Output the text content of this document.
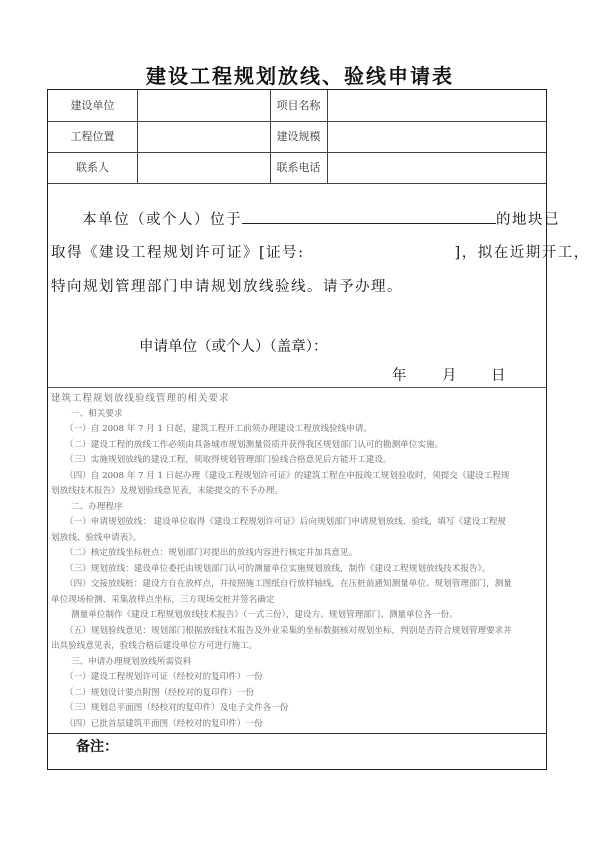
建设工程规划放线、验线申请表
建设单位	项目名称
工程位置	建设规模
联系人	联系电话
本单位（或个人）位于	的地块已
取得《建设工程规划许可证》[证号:	]，拟在近期开工，
特向规划管理部门申请规划放线验线。请予办理。
申请单位（或个人）（盖章）：
年 月 日
建筑工程规划放线验线管理的相关要求
一、相关要求
（一）自 2008 年 7 月 1 日起，建筑工程开工前须办理建设工程放线验线申请。
（二）建设工程的放线工作必须由具备城市规划测量资质并获得我区规划部门认可的勘测单位实施。
（三）实施规划放线的建设工程，须取得规划管理部门验线合格意见后方能开工建设。
（四）自 2008 年 7 月 1 日起办理《建设工程规划许可证》的建筑工程在申报竣工规划验收时，须提交《建设工程规
划放线技术报告》及规划验线意见表，未能提交的不予办理。
二、办理程序
（一）申请规划放线： 建设单位取得《建设工程规划许可证》后向规划部门申请规划放线、验线，填写《建设工程规
划放线、验线申请表》。
（二）核定放线坐标桩点：规划部门对提出的放线内容进行核定并加具意见。
（三）规划放线：建设单位委托由规划部门认可的测量单位实施规划放线，制作《建设工程规划放线技术报告》。
（四）交接放线桩：建设方自在放样点，并按照施工图纸自行放样轴线，在压桩前通知测量单位、规划管理部门，测量
单位现场检测、采集放样点坐标，三方现场交桩并签名确定
测量单位制作《建设工程规划放线技术报告》（一式三份），建设方、规划管理部门、测量单位各一份。
（五）规划验线意见：规划部门根据放线技术报告及外业采集的坐标数据核对规划坐标，判别是否符合规划管理要求并
出具验线意见表，验线合格后建设单位方可进行施工。
三、申请办理规划放线所需资料
（一）建设工程规划许可证（经校对的复印件）一份
（二）规划设计要点附图（经校对的复印件）一份
（三）规划总平面图（经校对的复印件）及电子文件各一份
（四）已批首层建筑平面图（经校对的复印件）一份
备注：
